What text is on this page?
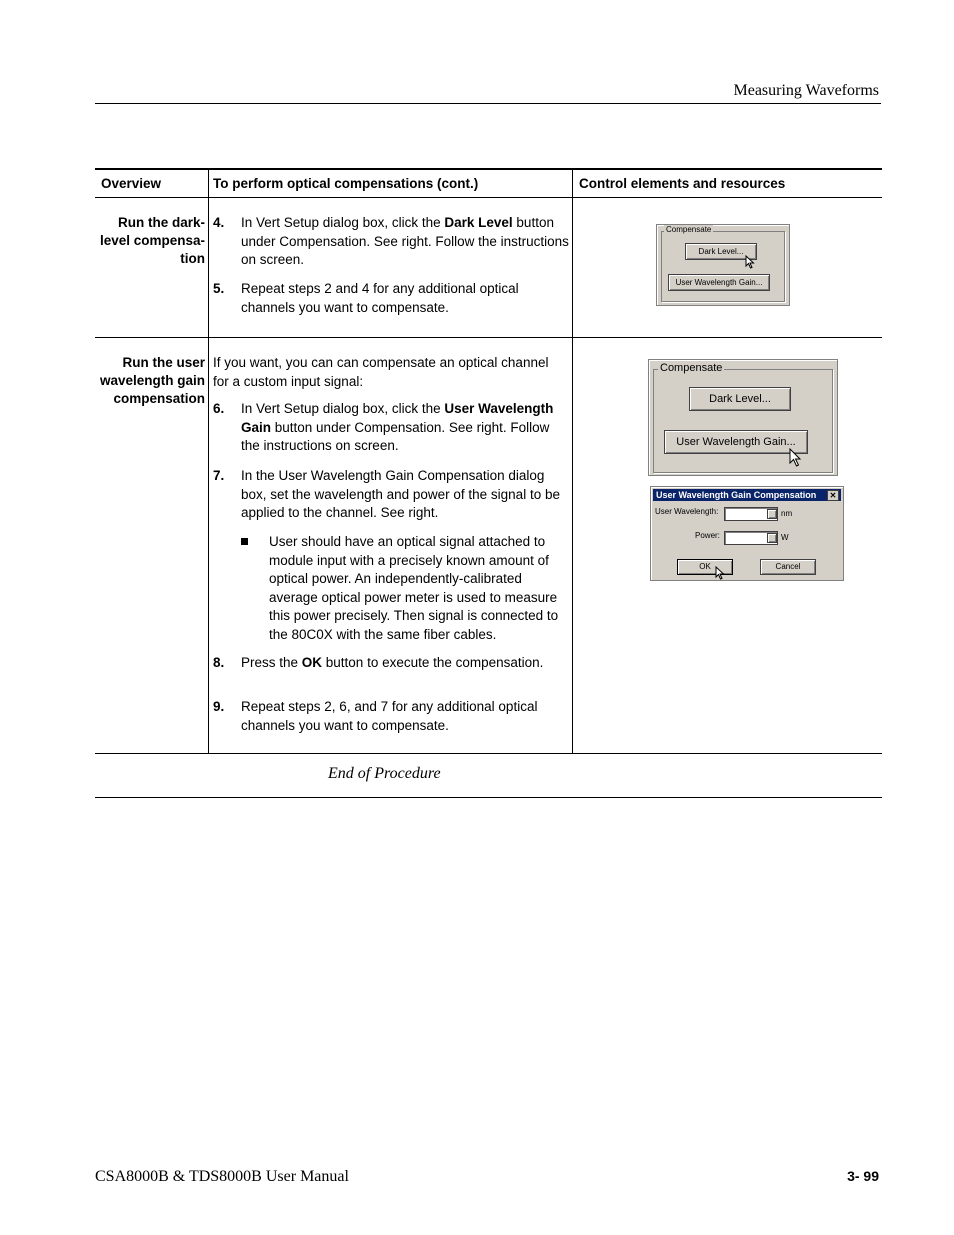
Measuring Waveforms
Overview	To perform optical compensations (cont.)	Control elements and resources
Run the dark-
level compensa-
tion
4. In Vert Setup dialog box, click the Dark Level button under Compensation. See right. Follow the instructions on screen.
5. Repeat steps 2 and 4 for any additional optical channels you want to compensate.
Compensate
Dark Level...
User Wavelength Gain...
Run the user
wavelength gain
compensation
If you want, you can can compensate an optical channel for a custom input signal:
6. In Vert Setup dialog box, click the User Wavelength Gain button under Compensation. See right. Follow the instructions on screen.
7. In the User Wavelength Gain Compensation dialog box, set the wavelength and power of the signal to be applied to the channel. See right.
User should have an optical signal attached to module input with a precisely known amount of optical power. An independently-calibrated average optical power meter is used to measure this power precisely. Then signal is connected to the 80C0X with the same fiber cables.
8. Press the OK button to execute the compensation.
9. Repeat steps 2, 6, and 7 for any additional optical channels you want to compensate.
Compensate
Dark Level...
User Wavelength Gain...
User Wavelength Gain Compensation	✕
User Wavelength:	nm
Power:	W
OK	Cancel
End of Procedure
CSA8000B & TDS8000B User Manual	3- 99
